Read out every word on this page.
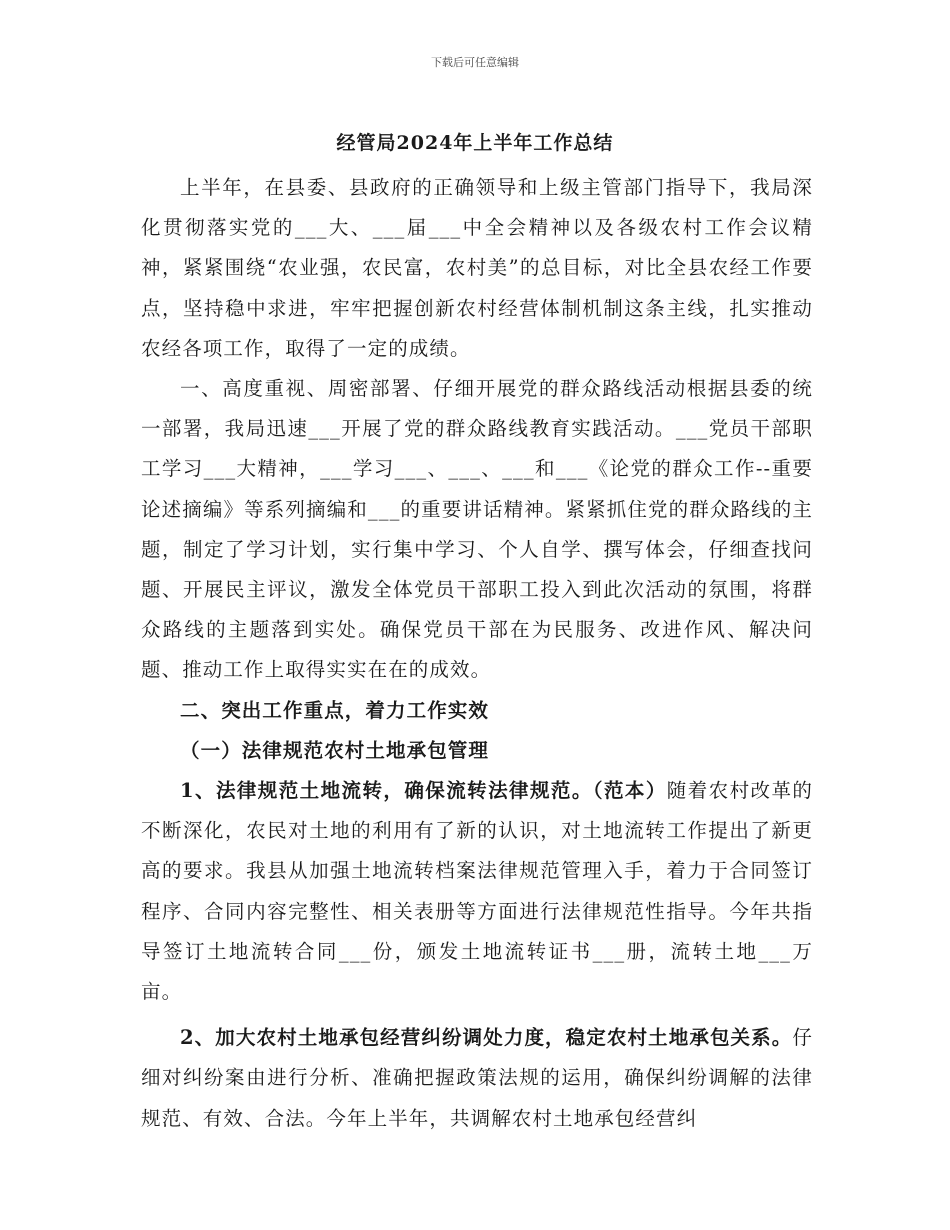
下载后可任意编辑
经管局2024年上半年工作总结

上半年，在县委、县政府的正确领导和上级主管部门指导下，我局深化贯彻落实党的___大、___届___中全会精神以及各级农村工作会议精神，紧紧围绕“农业强，农民富，农村美”的总目标，对比全县农经工作要点，坚持稳中求进，牢牢把握创新农村经营体制机制这条主线，扎实推动农经各项工作，取得了一定的成绩。

一、高度重视、周密部署、仔细开展党的群众路线活动根据县委的统一部署，我局迅速___开展了党的群众路线教育实践活动。___党员干部职工学习___大精神，___学习___、___、___和___《论党的群众工作--重要论述摘编》等系列摘编和___的重要讲话精神。紧紧抓住党的群众路线的主题，制定了学习计划，实行集中学习、个人自学、撰写体会，仔细查找问题、开展民主评议，激发全体党员干部职工投入到此次活动的氛围，将群众路线的主题落到实处。确保党员干部在为民服务、改进作风、解决问题、推动工作上取得实实在在的成效。

二、突出工作重点，着力工作实效

（一）法律规范农村土地承包管理

1、法律规范土地流转，确保流转法律规范。（范本）随着农村改革的不断深化，农民对土地的利用有了新的认识，对土地流转工作提出了新更高的要求。我县从加强土地流转档案法律规范管理入手，着力于合同签订程序、合同内容完整性、相关表册等方面进行法律规范性指导。今年共指导签订土地流转合同___份，颁发土地流转证书___册，流转土地___万亩。

2、加大农村土地承包经营纠纷调处力度，稳定农村土地承包关系。仔细对纠纷案由进行分析、准确把握政策法规的运用，确保纠纷调解的法律规范、有效、合法。今年上半年，共调解农村土地承包经营纠
